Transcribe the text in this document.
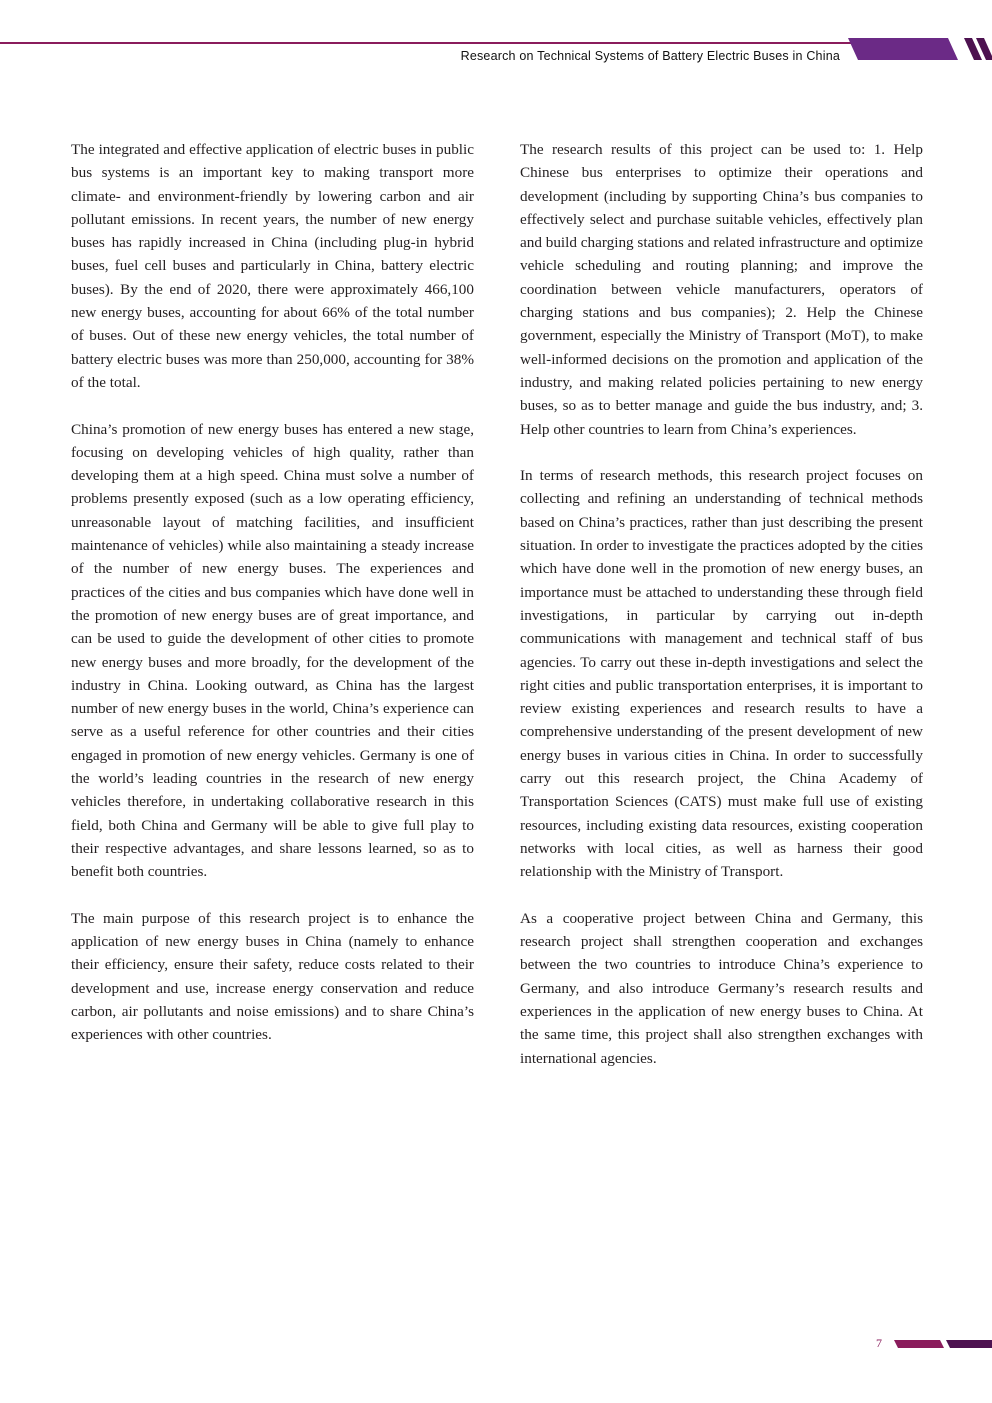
Research on Technical Systems of Battery Electric Buses in China

The integrated and effective application of electric buses in public bus systems is an important key to making transport more climate- and environment-friendly by lowering carbon and air pollutant emissions. In recent years, the number of new energy buses has rapidly increased in China (including plug-in hybrid buses, fuel cell buses and particularly in China, battery electric buses). By the end of 2020, there were approximately 466,100 new energy buses, accounting for about 66% of the total number of buses. Out of these new energy vehicles, the total number of battery electric buses was more than 250,000, accounting for 38% of the total.

China’s promotion of new energy buses has entered a new stage, focusing on developing vehicles of high quality, rather than developing them at a high speed. China must solve a number of problems presently exposed (such as a low operating efficiency, unreasonable layout of matching facilities, and insufficient maintenance of vehicles) while also maintaining a steady increase of the number of new energy buses. The experiences and practices of the cities and bus companies which have done well in the promotion of new energy buses are of great importance, and can be used to guide the development of other cities to promote new energy buses and more broadly, for the development of the industry in China. Looking outward, as China has the largest number of new energy buses in the world, China’s experience can serve as a useful reference for other countries and their cities engaged in promotion of new energy vehicles. Germany is one of the world’s leading countries in the research of new energy vehicles therefore, in undertaking collaborative research in this field, both China and Germany will be able to give full play to their respective advantages, and share lessons learned, so as to benefit both countries.

The main purpose of this research project is to enhance the application of new energy buses in China (namely to enhance their efficiency, ensure their safety, reduce costs related to their development and use, increase energy conservation and reduce carbon, air pollutants and noise emissions) and to share China’s experiences with other countries.

The research results of this project can be used to: 1. Help Chinese bus enterprises to optimize their operations and development (including by supporting China’s bus companies to effectively select and purchase suitable vehicles, effectively plan and build charging stations and related infrastructure and optimize vehicle scheduling and routing planning; and improve the coordination between vehicle manufacturers, operators of charging stations and bus companies); 2. Help the Chinese government, especially the Ministry of Transport (MoT), to make well-informed decisions on the promotion and application of the industry, and making related policies pertaining to new energy buses, so as to better manage and guide the bus industry, and; 3. Help other countries to learn from China’s experiences.

In terms of research methods, this research project focuses on collecting and refining an understanding of technical methods based on China’s practices, rather than just describing the present situation. In order to investigate the practices adopted by the cities which have done well in the promotion of new energy buses, an importance must be attached to understanding these through field investigations, in particular by carrying out in-depth communications with management and technical staff of bus agencies. To carry out these in-depth investigations and select the right cities and public transportation enterprises, it is important to review existing experiences and research results to have a comprehensive understanding of the present development of new energy buses in various cities in China. In order to successfully carry out this research project, the China Academy of Transportation Sciences (CATS) must make full use of existing resources, including existing data resources, existing cooperation networks with local cities, as well as harness their good relationship with the Ministry of Transport.

As a cooperative project between China and Germany, this research project shall strengthen cooperation and exchanges between the two countries to introduce China’s experience to Germany, and also introduce Germany’s research results and experiences in the application of new energy buses to China. At the same time, this project shall also strengthen exchanges with international agencies.

7
